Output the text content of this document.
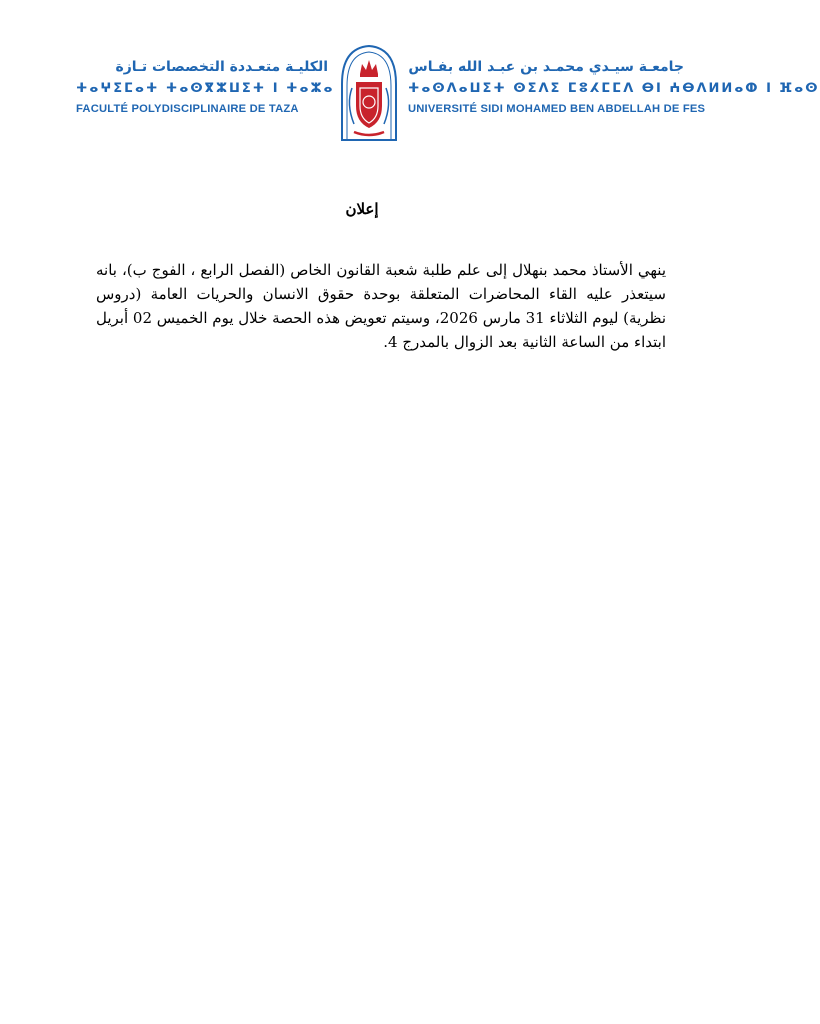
الكليـة متعـددة التخصصات تـازة
ⵜⴰⵖⵉⵎⴰⵜ ⵜⴰⵙⴳⵣⵡⵉⵜ ⵏ ⵜⴰⵣⴰ
FACULTÉ POLYDISCIPLINAIRE DE TAZA
جامعـة سيـدي محمـد بن عبـد الله بفـاس
ⵜⴰⵙⴷⴰⵡⵉⵜ ⵙⵉⴷⵉ ⵎⵓⵃⵎⵎⴷ ⴱⵏ ⵄⴱⴷⵍⵍⴰⵀ ⵏ ⴼⴰⵙ
UNIVERSITÉ SIDI MOHAMED BEN ABDELLAH DE FES
إعلان
ينهي الأستاذ محمد بنهلال إلى علم طلبة شعبة القانون الخاص (الفصل الرابع ، الفوج ب)، بانه سيتعذر عليه القاء المحاضرات المتعلقة بوحدة حقوق الانسان والحريات العامة (دروس نظرية) ليوم الثلاثاء 31 مارس 2026، وسيتم تعويض هذه الحصة خلال يوم الخميس 02 أبريل ابتداء من الساعة الثانية بعد الزوال بالمدرج 4.
